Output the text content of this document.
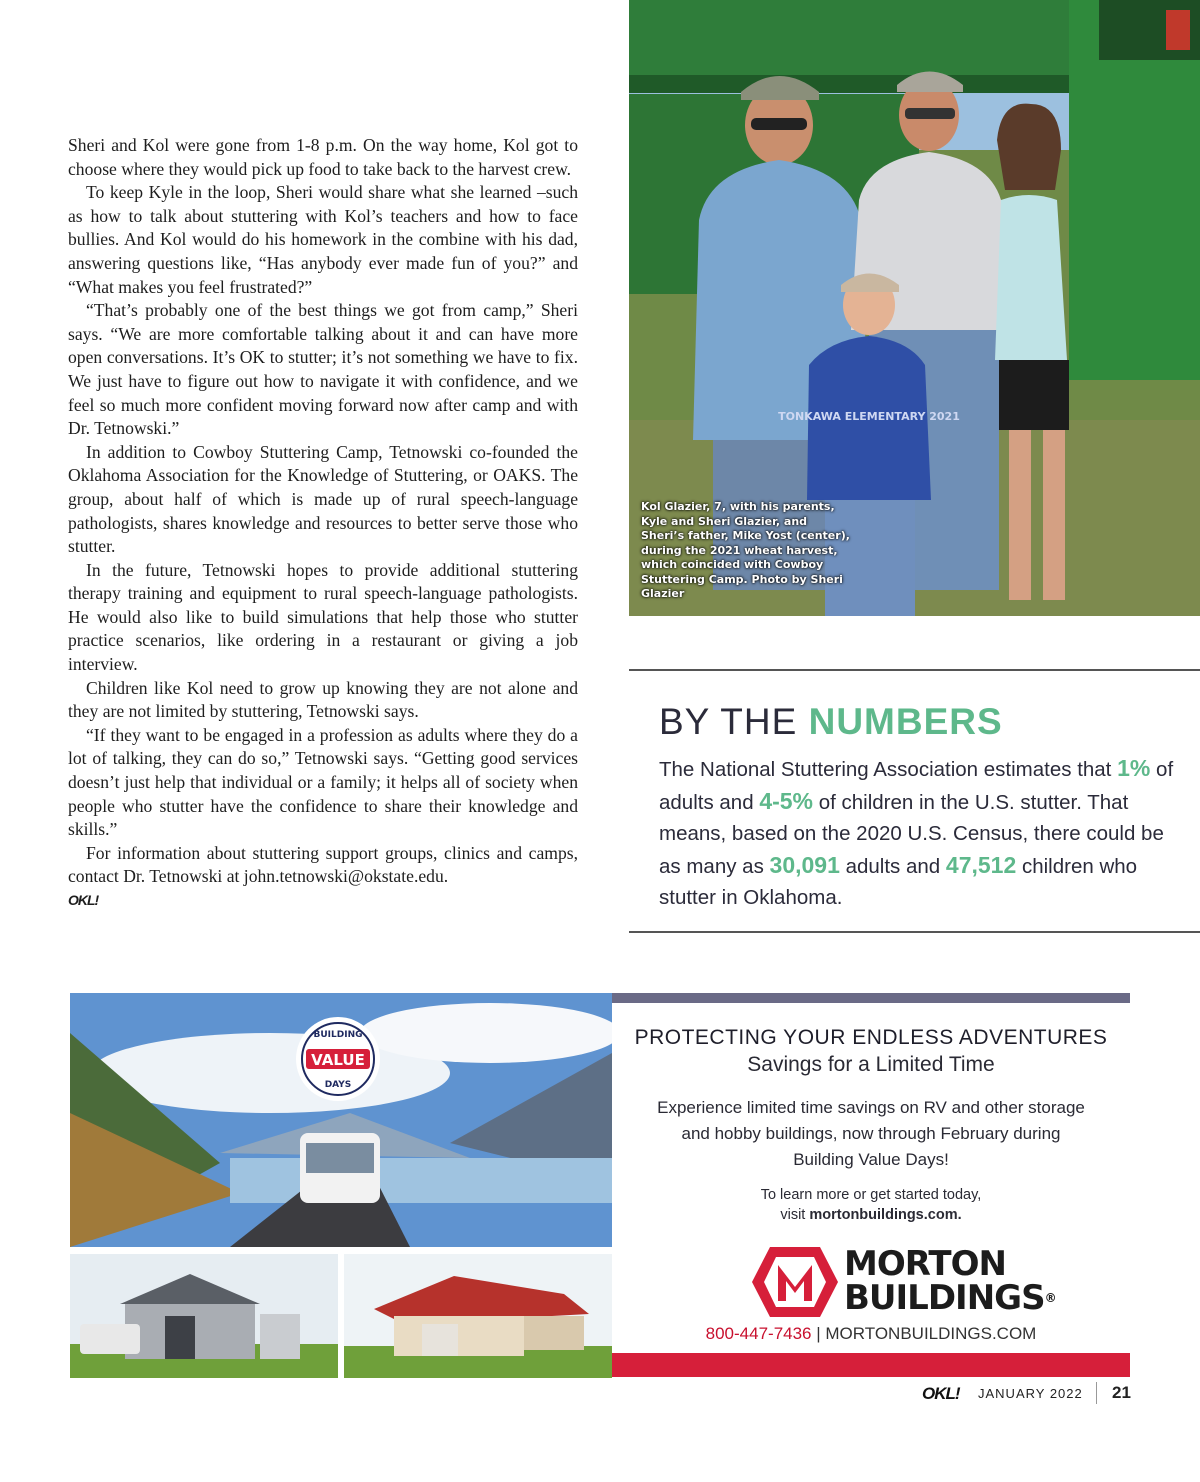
Sheri and Kol were gone from 1-8 p.m. On the way home, Kol got to choose where they would pick up food to take back to the harvest crew.

To keep Kyle in the loop, Sheri would share what she learned –such as how to talk about stuttering with Kol’s teachers and how to face bullies. And Kol would do his homework in the combine with his dad, answering questions like, “Has anybody ever made fun of you?” and “What makes you feel frustrated?”

“That’s probably one of the best things we got from camp,” Sheri says. “We are more comfortable talking about it and can have more open conversations. It’s OK to stutter; it’s not something we have to fix. We just have to figure out how to navigate it with confidence, and we feel so much more confident moving forward now after camp and with Dr. Tetnowski.”

In addition to Cowboy Stuttering Camp, Tetnowski co-founded the Oklahoma Association for the Knowledge of Stuttering, or OAKS. The group, about half of which is made up of rural speech-language pathologists, shares knowledge and resources to better serve those who stutter.

In the future, Tetnowski hopes to provide additional stuttering therapy training and equipment to rural speech-language pathologists. He would also like to build simulations that help those who stutter practice scenarios, like ordering in a restaurant or giving a job interview.

Children like Kol need to grow up knowing they are not alone and they are not limited by stuttering, Tetnowski says.

“If they want to be engaged in a profession as adults where they do a lot of talking, they can do so,” Tetnowski says. “Getting good services doesn’t just help that individual or a family; it helps all of society when people who stutter have the confidence to share their knowledge and skills.”

For information about stuttering support groups, clinics and camps, contact Dr. Tetnowski at john.tetnowski@okstate.edu.

OKL!
TONKAWA ELEMENTARY 2021
Kol Glazier, 7, with his parents, Kyle and Sheri Glazier, and Sheri’s father, Mike Yost (center), during the 2021 wheat harvest, which coincided with Cowboy Stuttering Camp. Photo by Sheri Glazier
BY THE NUMBERS
The National Stuttering Association estimates that 1% of adults and 4-5% of children in the U.S. stutter. That means, based on the 2020 U.S. Census, there could be as many as 30,091 adults and 47,512 children who stutter in Oklahoma.
BUILDING
VALUE
DAYS
PROTECTING YOUR ENDLESS ADVENTURES
Savings for a Limited Time
Experience limited time savings on RV and other storage and hobby buildings, now through February during Building Value Days!
To learn more or get started today,
visit mortonbuildings.com.
MORTON
BUILDINGS®
800-447-7436 | MORTONBUILDINGS.COM
OKL! JANUARY 2022 21
